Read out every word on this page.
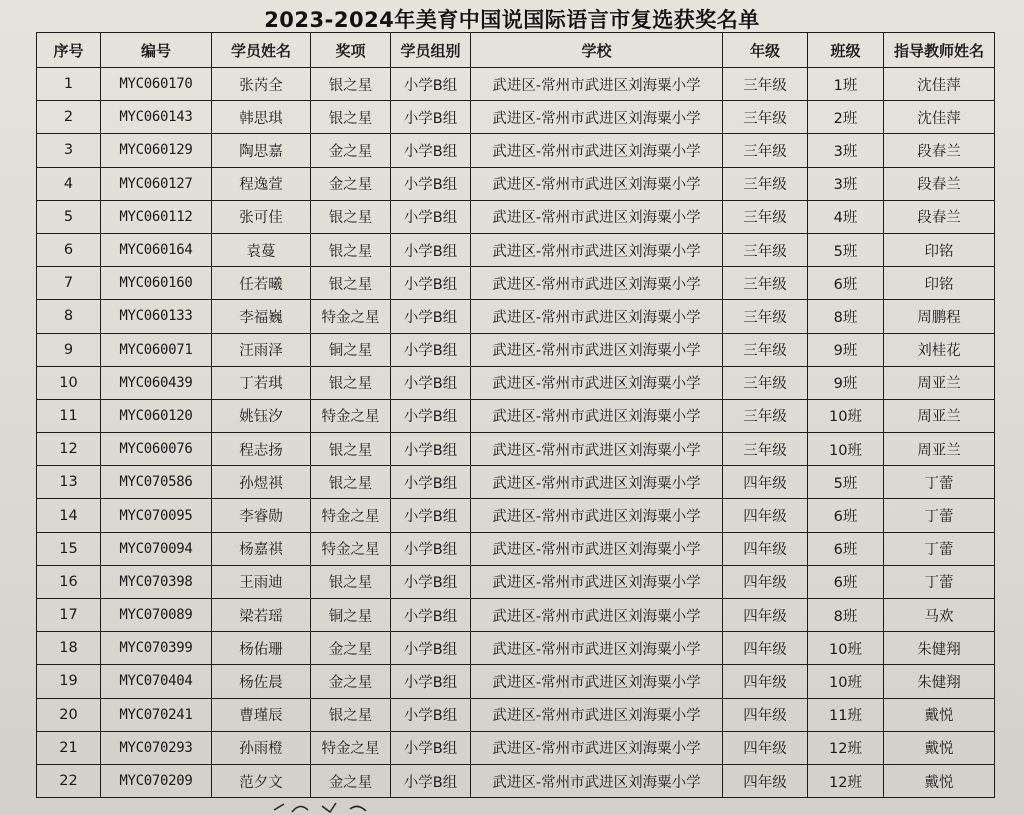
2023-2024年美育中国说国际语言市复选获奖名单
序号	编号	学员姓名	奖项	学员组别	学校	年级	班级	指导教师姓名
1	MYC060170	张芮全	银之星	小学B组	武进区-常州市武进区刘海粟小学	三年级	1班	沈佳萍
2	MYC060143	韩思琪	银之星	小学B组	武进区-常州市武进区刘海粟小学	三年级	2班	沈佳萍
3	MYC060129	陶思嘉	金之星	小学B组	武进区-常州市武进区刘海粟小学	三年级	3班	段春兰
4	MYC060127	程逸萱	金之星	小学B组	武进区-常州市武进区刘海粟小学	三年级	3班	段春兰
5	MYC060112	张可佳	银之星	小学B组	武进区-常州市武进区刘海粟小学	三年级	4班	段春兰
6	MYC060164	袁蔓	银之星	小学B组	武进区-常州市武进区刘海粟小学	三年级	5班	印铭
7	MYC060160	任若曦	银之星	小学B组	武进区-常州市武进区刘海粟小学	三年级	6班	印铭
8	MYC060133	李福巍	特金之星	小学B组	武进区-常州市武进区刘海粟小学	三年级	8班	周鹏程
9	MYC060071	汪雨泽	铜之星	小学B组	武进区-常州市武进区刘海粟小学	三年级	9班	刘桂花
10	MYC060439	丁若琪	银之星	小学B组	武进区-常州市武进区刘海粟小学	三年级	9班	周亚兰
11	MYC060120	姚钰汐	特金之星	小学B组	武进区-常州市武进区刘海粟小学	三年级	10班	周亚兰
12	MYC060076	程志扬	银之星	小学B组	武进区-常州市武进区刘海粟小学	三年级	10班	周亚兰
13	MYC070586	孙煜祺	银之星	小学B组	武进区-常州市武进区刘海粟小学	四年级	5班	丁蕾
14	MYC070095	李睿勋	特金之星	小学B组	武进区-常州市武进区刘海粟小学	四年级	6班	丁蕾
15	MYC070094	杨嘉祺	特金之星	小学B组	武进区-常州市武进区刘海粟小学	四年级	6班	丁蕾
16	MYC070398	王雨迪	银之星	小学B组	武进区-常州市武进区刘海粟小学	四年级	6班	丁蕾
17	MYC070089	梁若瑶	铜之星	小学B组	武进区-常州市武进区刘海粟小学	四年级	8班	马欢
18	MYC070399	杨佑珊	金之星	小学B组	武进区-常州市武进区刘海粟小学	四年级	10班	朱健翔
19	MYC070404	杨佐晨	金之星	小学B组	武进区-常州市武进区刘海粟小学	四年级	10班	朱健翔
20	MYC070241	曹瑾辰	银之星	小学B组	武进区-常州市武进区刘海粟小学	四年级	11班	戴悦
21	MYC070293	孙雨橙	特金之星	小学B组	武进区-常州市武进区刘海粟小学	四年级	12班	戴悦
22	MYC070209	范夕文	金之星	小学B组	武进区-常州市武进区刘海粟小学	四年级	12班	戴悦
